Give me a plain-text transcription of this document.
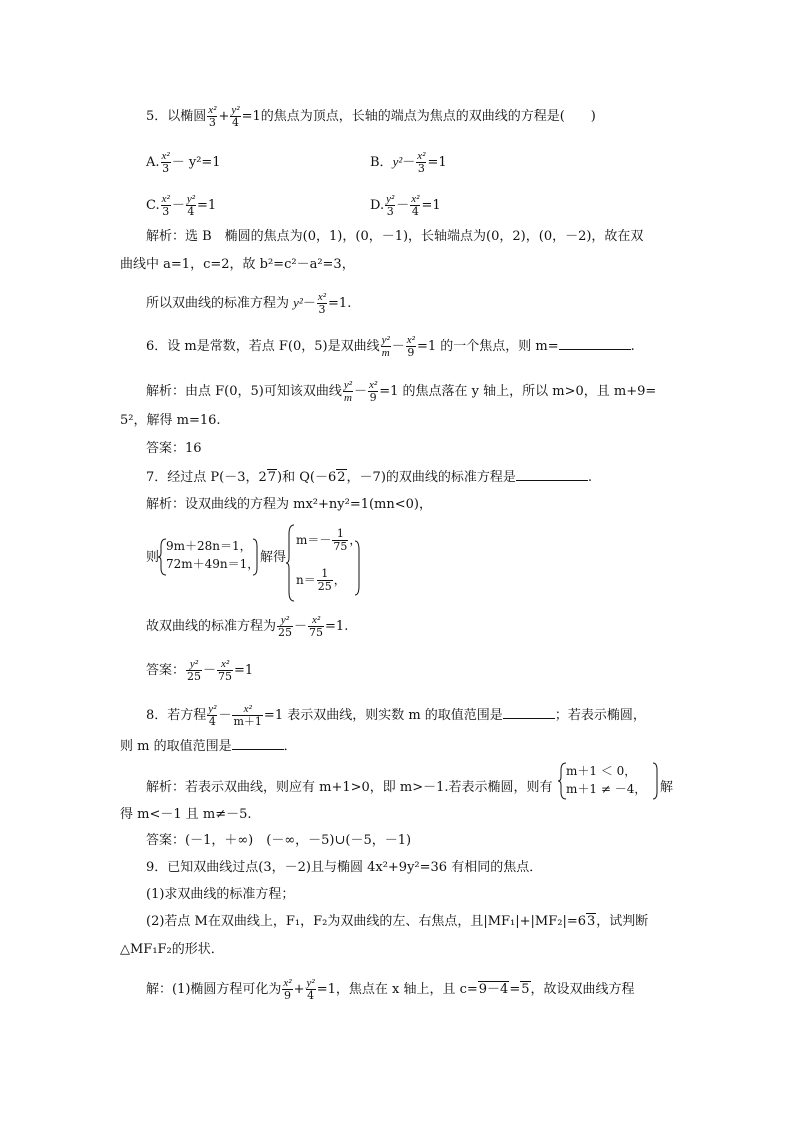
5．以椭圆 $\frac{\text{x²}}{3} + \frac{\text{y²}}{4} =1$的焦点为顶点，长轴的端点为焦点的双曲线的方程是(　　)
A. $\frac{\text{x²}}{3} - y^2=1$	B．$y^2- \frac{\text{x²}}{3} =1$
C. $\frac{\text{x²}}{3} - \frac{\text{y²}}{4} =1$	D. $\frac{\text{y²}}{3} - \frac{\text{x²}}{4} =1$
解析：选 B　椭圆的焦点为(0，1)，(0，－1)，长轴端点为(0，2)，(0，－2)，故在双
曲线中 a=1，c=2，故 b²=c²－a²=3，
所以双曲线的标准方程为 $y^2- \frac{\text{x²}}{3} =1$.
6．设 m是常数，若点 F(0，5)是双曲线 $\frac{\text{y²}}{m} - \frac{\text{x²}}{9} =1$ 的一个焦点，则 m=	.
解析：由点 F(0，5)可知该双曲线 $\frac{\text{y²}}{m} - \frac{\text{x²}}{9} =1$ 的焦点落在 y 轴上，所以 m>0，且 m+9=
5²，解得 m=16.
答案：16
7．经过点 P(－3，27)和 Q(－62，－7)的双曲线的标准方程是	.
解析：设双曲线的方程为 mx²+ny²=1(mn<0)，
则
9m＋28n＝1，
72m＋49n＝1， 解得
$m=- \frac{1}{75}$ ，
$n= \frac{1}{25}$ ，
故双曲线的标准方程为 $\frac{\text{y²}}{25} - \frac{\text{x²}}{75} =1$.
答案： $\frac{\text{y²}}{25} - \frac{\text{x²}}{75} =1$
8．若方程 $\frac{\text{y²}}{4} - \frac{\text{x²}}{m+1} =1$ 表示双曲线，则实数 m 的取值范围是	；若表示椭圆，
则 m 的取值范围是	．
解析：若表示双曲线，则应有 m+1>0，即 m>－1.若表示椭圆，则有
m＋1 ＜ 0，
m＋1 ≠ －4， 解
得 m<－1 且 m≠－5.
答案：(－1，＋∞)　(－∞，－5)∪(－5，－1)
9．已知双曲线过点(3，－2)且与椭圆 4x²+9y²=36 有相同的焦点．
(1)求双曲线的标准方程；
(2)若点 M在双曲线上，F₁，F₂为双曲线的左、右焦点，且|MF₁|+|MF₂|=63，试判断
△MF₁F₂的形状．
解：(1)椭圆方程可化为 $\frac{\text{x²}}{9} + \frac{\text{y²}}{4} =1$，焦点在 x 轴上，且 c=9－4=5，故设双曲线方程
